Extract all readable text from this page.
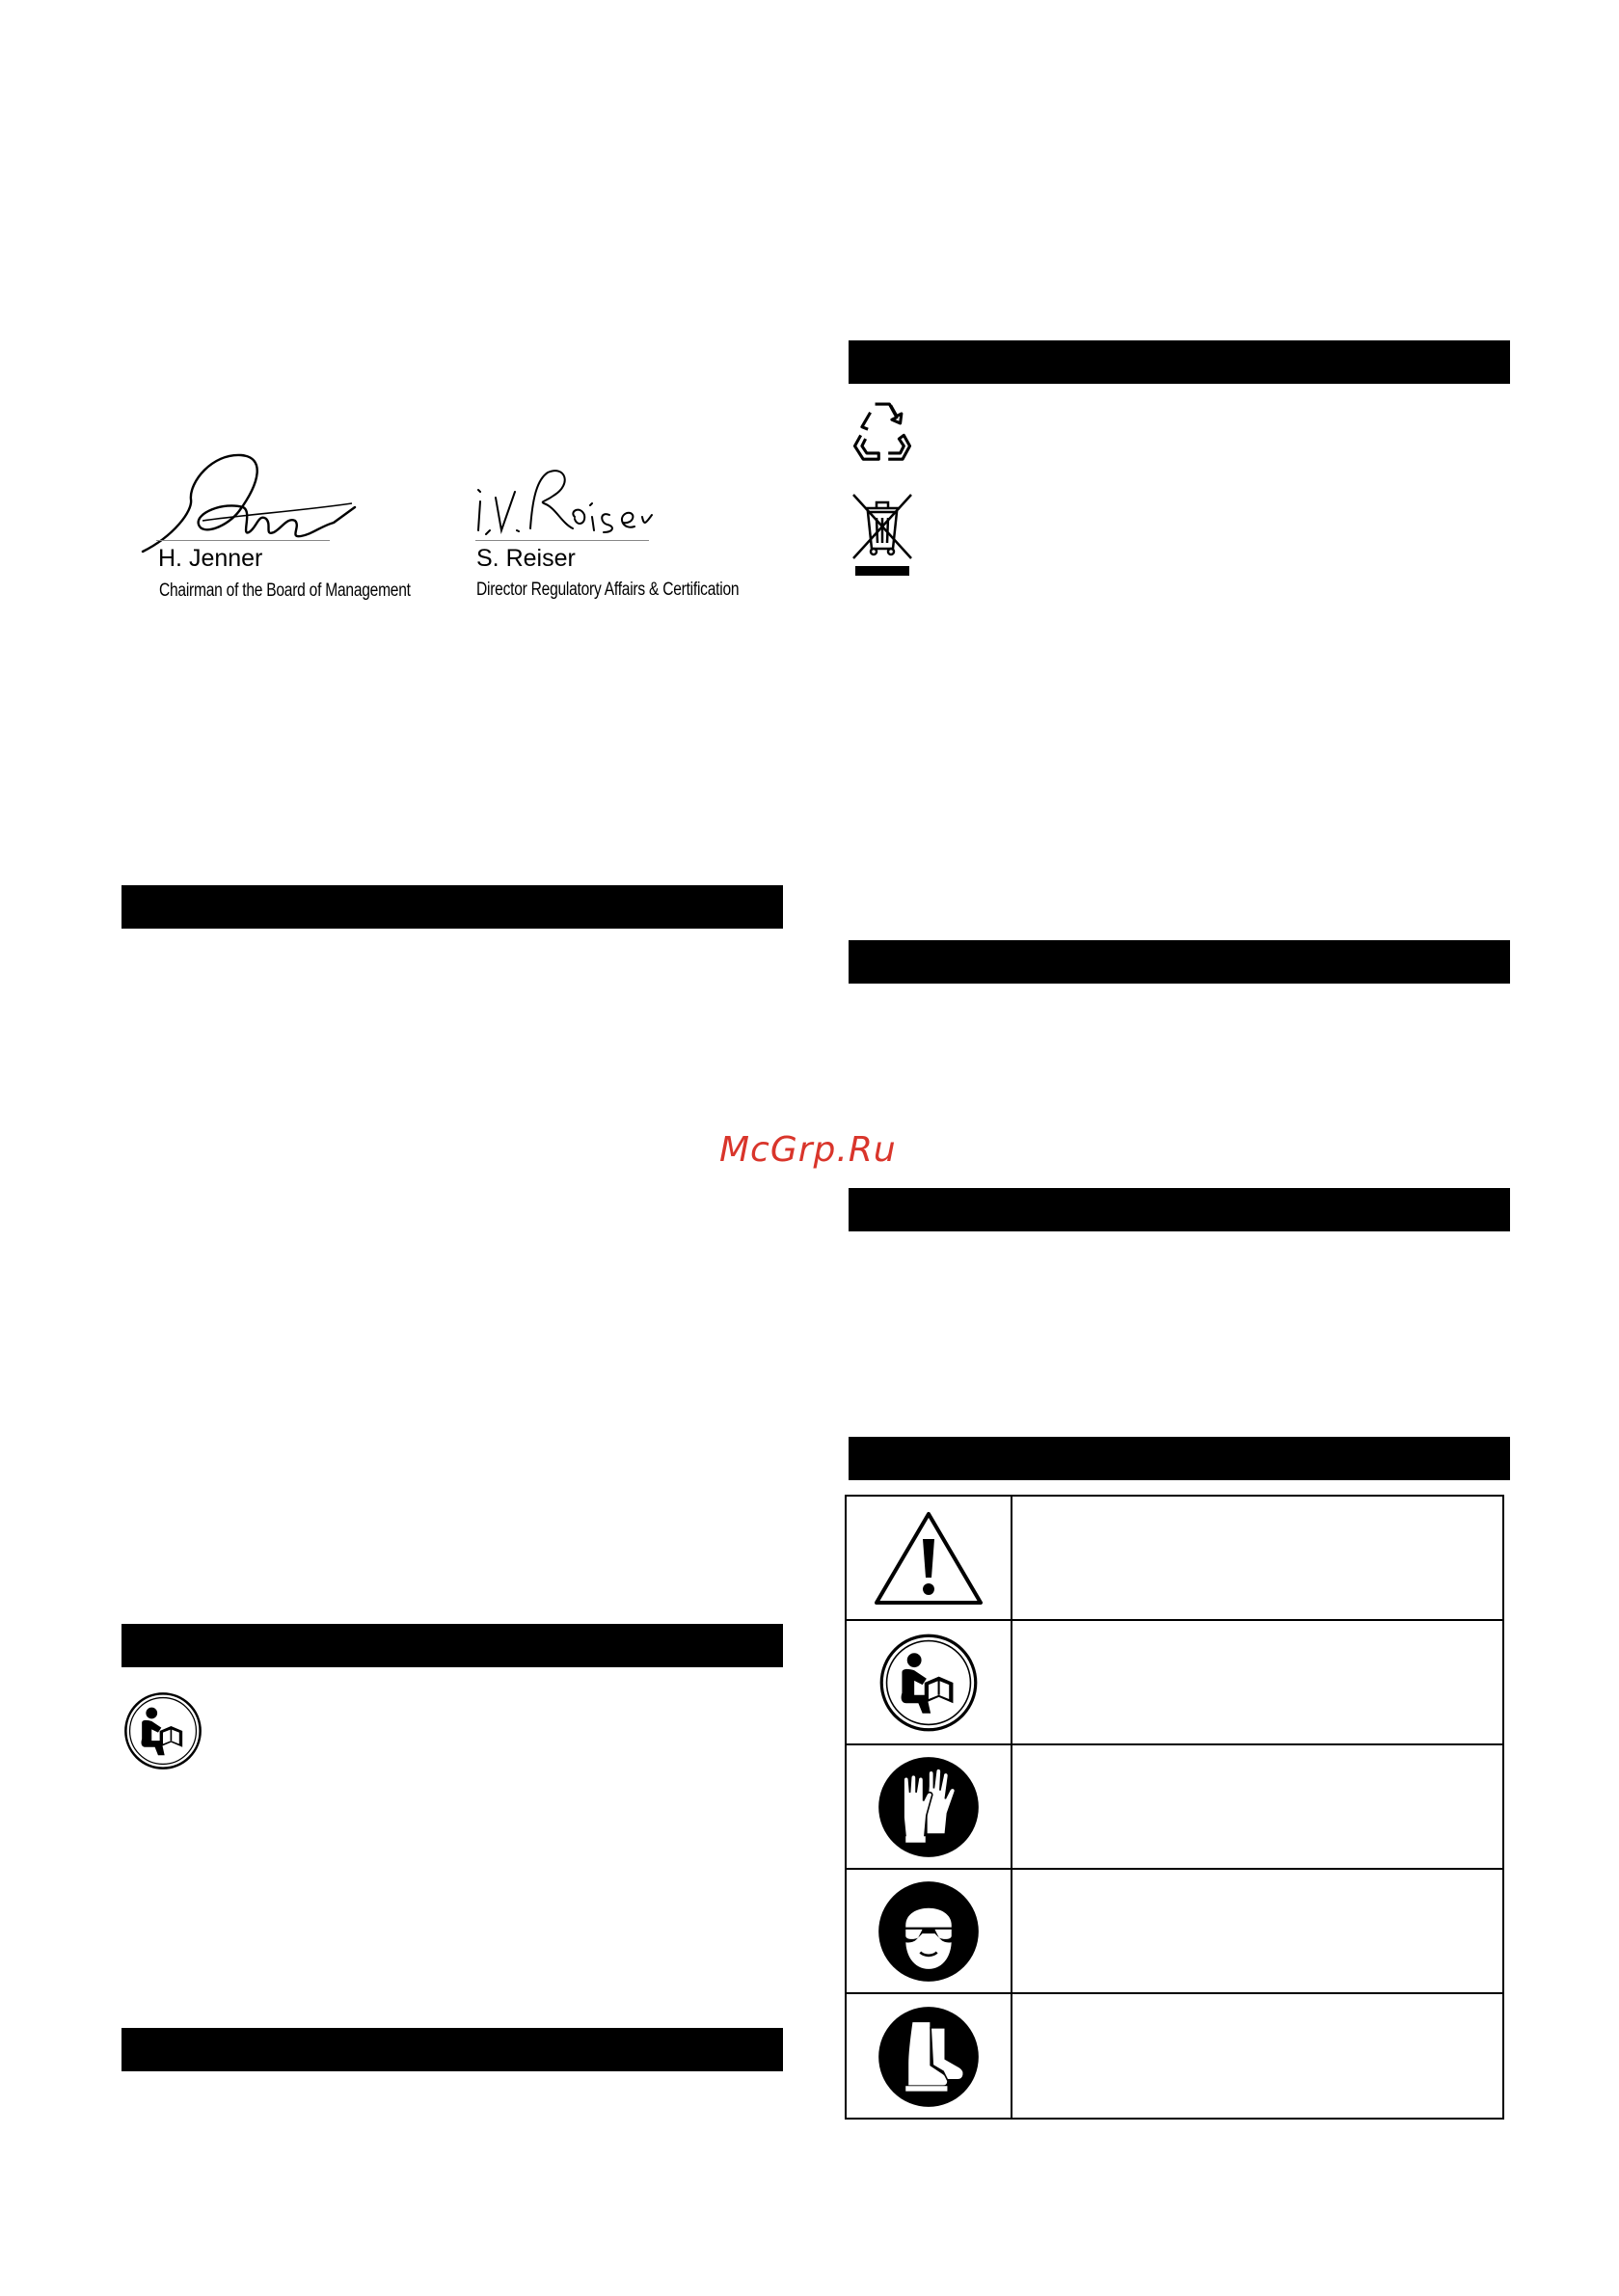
H. Jenner
Chairman of the Board of Management
S. Reiser
Director Regulatory Affairs & Certification
McGrp.Ru
